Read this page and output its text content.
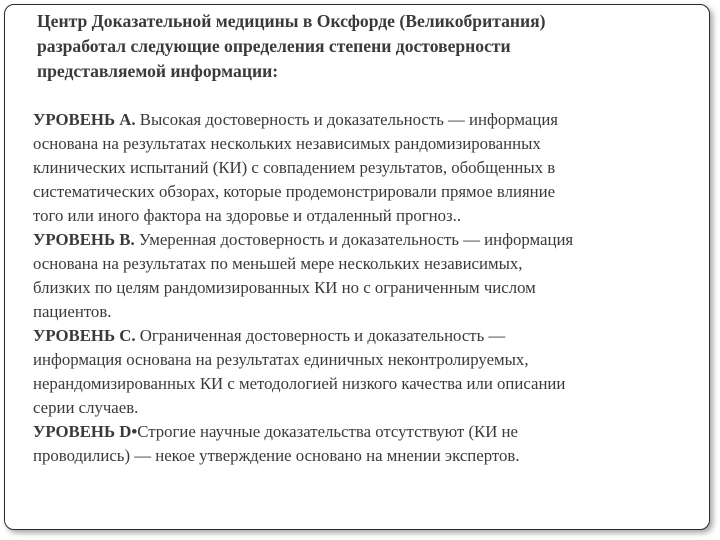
Центр Доказательной медицины в Оксфорде (Великобритания)
разработал следующие определения степени достоверности
представляемой информации:
УРОВЕНЬ А. Высокая достоверность и доказательность — информация
основана на результатах нескольких независимых рандомизированных
клинических испытаний (КИ) с совпадением результатов, обобщенных в
систематических обзорах, которые продемонстрировали прямое влияние
того или иного фактора на здоровье и отдаленный прогноз..
УРОВЕНЬ B. Умеренная достоверность и доказательность — информация
основана на результатах по меньшей мере нескольких независимых,
близких по целям рандомизированных КИ но с ограниченным числом
пациентов.
УРОВЕНЬ C. Ограниченная достоверность и доказательность —
информация основана на результатах единичных неконтролируемых,
нерандомизированных КИ с методологией низкого качества или описании
серии случаев.
УРОВЕНЬ D•Строгие научные доказательства отсутствуют (КИ не
проводились) — некое утверждение основано на мнении экспертов.
